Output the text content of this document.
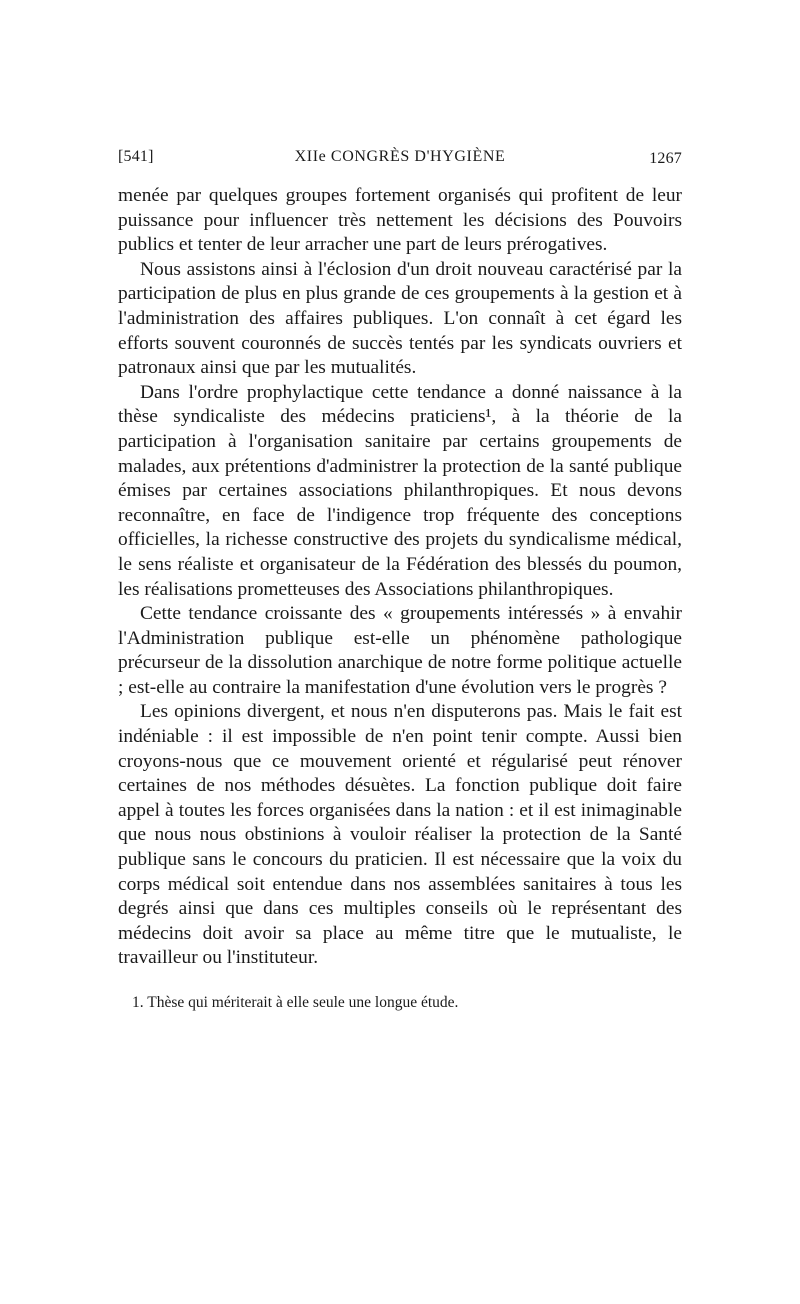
[541]	XIIe CONGRÈS D'HYGIÈNE	1267

menée par quelques groupes fortement organisés qui profitent de leur puissance pour influencer très nettement les décisions des Pouvoirs publics et tenter de leur arracher une part de leurs prérogatives.

Nous assistons ainsi à l'éclosion d'un droit nouveau caractérisé par la participation de plus en plus grande de ces groupements à la gestion et à l'administration des affaires publiques. L'on connaît à cet égard les efforts souvent couronnés de succès tentés par les syndicats ouvriers et patronaux ainsi que par les mutualités.

Dans l'ordre prophylactique cette tendance a donné naissance à la thèse syndicaliste des médecins praticiens¹, à la théorie de la participation à l'organisation sanitaire par certains groupements de malades, aux prétentions d'administrer la protection de la santé publique émises par certaines associations philanthropiques. Et nous devons reconnaître, en face de l'indigence trop fréquente des conceptions officielles, la richesse constructive des projets du syndicalisme médical, le sens réaliste et organisateur de la Fédération des blessés du poumon, les réalisations prometteuses des Associations philanthropiques.

Cette tendance croissante des « groupements intéressés » à envahir l'Administration publique est-elle un phénomène pathologique précurseur de la dissolution anarchique de notre forme politique actuelle ; est-elle au contraire la manifestation d'une évolution vers le progrès ?

Les opinions divergent, et nous n'en disputerons pas. Mais le fait est indéniable : il est impossible de n'en point tenir compte. Aussi bien croyons-nous que ce mouvement orienté et régularisé peut rénover certaines de nos méthodes désuètes. La fonction publique doit faire appel à toutes les forces organisées dans la nation : et il est inimaginable que nous nous obstinions à vouloir réaliser la protection de la Santé publique sans le concours du praticien. Il est nécessaire que la voix du corps médical soit entendue dans nos assemblées sanitaires à tous les degrés ainsi que dans ces multiples conseils où le représentant des médecins doit avoir sa place au même titre que le mutualiste, le travailleur ou l'instituteur.

1. Thèse qui mériterait à elle seule une longue étude.
